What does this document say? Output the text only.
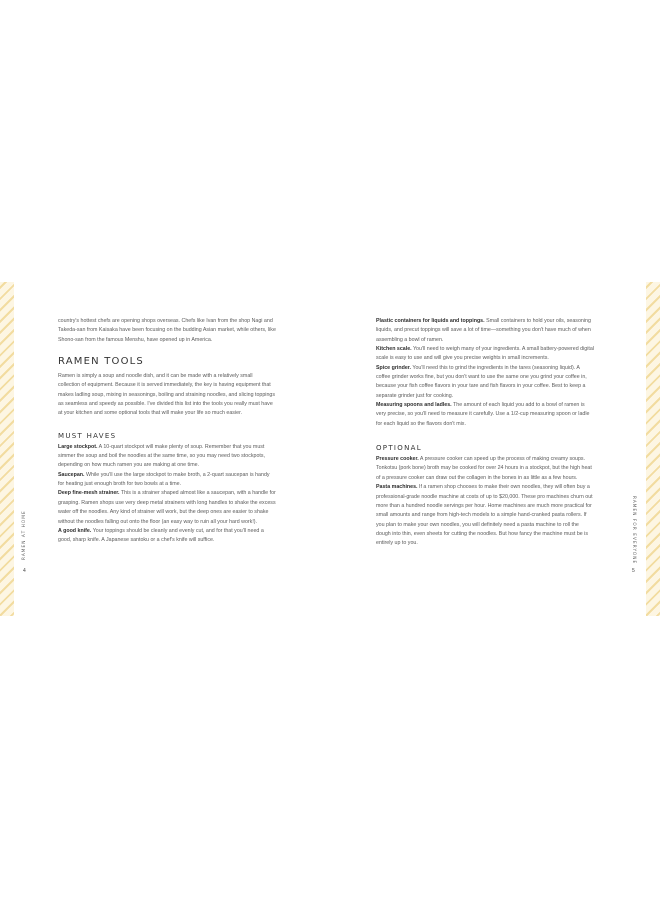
RAMEN AT HOME
4
RAMEN FOR EVERYONE
5

country's hottest chefs are opening shops overseas. Chefs like Ivan from the shop Nagi and Takeda-san from Kaisaka have been focusing on the budding Asian market, while others, like Shono-san from the famous Menshu, have opened up in America.

RAMEN TOOLS

Ramen is simply a soup and noodle dish, and it can be made with a relatively small collection of equipment. Because it is served immediately, the key is having equipment that makes ladling soup, mixing in seasonings, boiling and straining noodles, and slicing toppings as seamless and speedy as possible. I've divided this list into the tools you really must have at your kitchen and some optional tools that will make your life so much easier.

MUST HAVES

Large stockpot. A 10-quart stockpot will make plenty of soup. Remember that you must simmer the soup and boil the noodles at the same time, so you may need two stockpots, depending on how much ramen you are making at one time.

Saucepan. While you'll use the large stockpot to make broth, a 2-quart saucepan is handy for heating just enough broth for two bowls at a time.

Deep fine-mesh strainer. This is a strainer shaped almost like a saucepan, with a handle for grasping. Ramen shops use very deep metal strainers with long handles to shake the excess water off the noodles. Any kind of strainer will work, but the deep ones are easier to shake without the noodles falling out onto the floor (an easy way to ruin all your hard work!).

A good knife. Your toppings should be cleanly and evenly cut, and for that you'll need a good, sharp knife. A Japanese santoku or a chef's knife will suffice.

Plastic containers for liquids and toppings. Small containers to hold your oils, seasoning liquids, and precut toppings will save a lot of time—something you don't have much of when assembling a bowl of ramen.

Kitchen scale. You'll need to weigh many of your ingredients. A small battery-powered digital scale is easy to use and will give you precise weights in small increments.

Spice grinder. You'll need this to grind the ingredients in the tares (seasoning liquid). A coffee grinder works fine, but you don't want to use the same one you grind your coffee in, because your fish coffee flavors in your tare and fish flavors in your coffee. Best to keep a separate grinder just for cooking.

Measuring spoons and ladles. The amount of each liquid you add to a bowl of ramen is very precise, so you'll need to measure it carefully. Use a 1/2-cup measuring spoon or ladle for each liquid so the flavors don't mix.

OPTIONAL

Pressure cooker. A pressure cooker can speed up the process of making creamy soups. Tonkotsu (pork bone) broth may be cooked for over 24 hours in a stockpot, but the high heat of a pressure cooker can draw out the collagen in the bones in as little as a few hours.

Pasta machines. If a ramen shop chooses to make their own noodles, they will often buy a professional-grade noodle machine at costs of up to $20,000. These pro machines churn out more than a hundred noodle servings per hour. Home machines are much more practical for small amounts and range from high-tech models to a simple hand-cranked pasta rollers. If you plan to make your own noodles, you will definitely need a pasta machine to roll the dough into thin, even sheets for cutting the noodles. But how fancy the machine must be is entirely up to you.
